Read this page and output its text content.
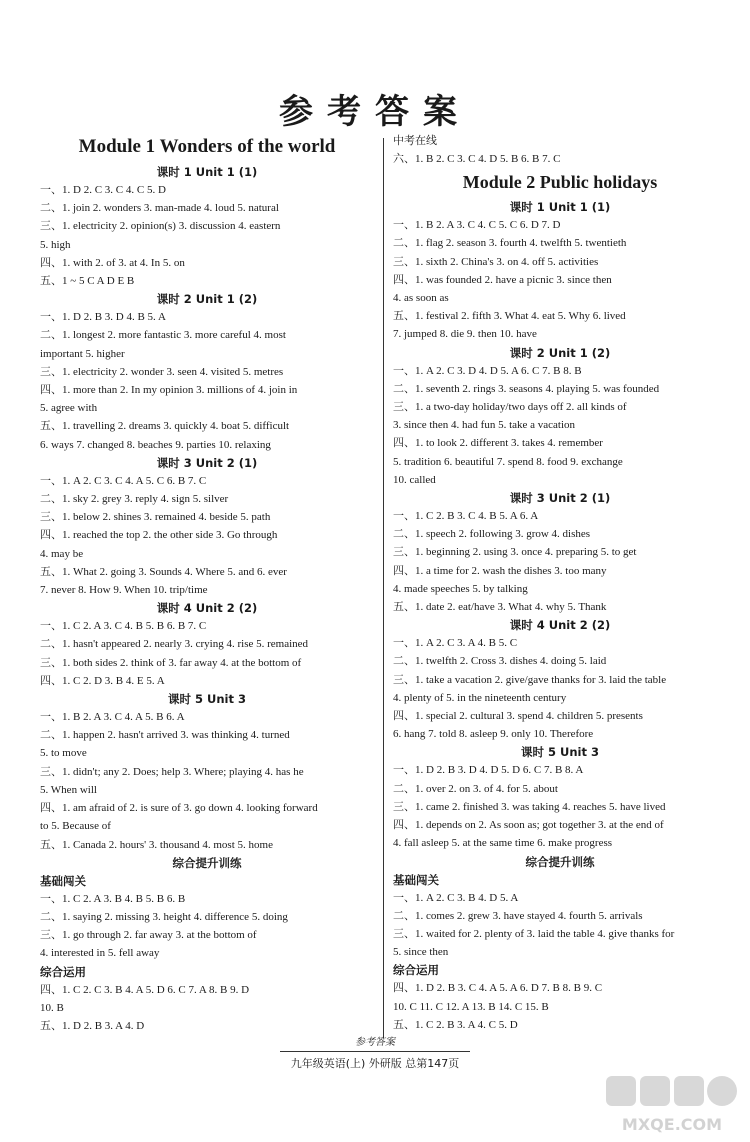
参考答案
Module 1 Wonders of the world
课时 1 Unit 1 (1)
一、1. D 2. C 3. C 4. C 5. D
二、1. join 2. wonders 3. man-made 4. loud 5. natural
三、1. electricity 2. opinion(s) 3. discussion 4. eastern
5. high
四、1. with 2. of 3. at 4. In 5. on
五、1 ~ 5 C A D E B
课时 2 Unit 1 (2)
一、1. D 2. B 3. D 4. B 5. A
二、1. longest 2. more fantastic 3. more careful 4. most
important 5. higher
三、1. electricity 2. wonder 3. seen 4. visited 5. metres
四、1. more than 2. In my opinion 3. millions of 4. join in
5. agree with
五、1. travelling 2. dreams 3. quickly 4. boat 5. difficult
6. ways 7. changed 8. beaches 9. parties 10. relaxing
课时 3 Unit 2 (1)
一、1. A 2. C 3. C 4. A 5. C 6. B 7. C
二、1. sky 2. grey 3. reply 4. sign 5. silver
三、1. below 2. shines 3. remained 4. beside 5. path
四、1. reached the top 2. the other side 3. Go through
4. may be
五、1. What 2. going 3. Sounds 4. Where 5. and 6. ever
7. never 8. How 9. When 10. trip/time
课时 4 Unit 2 (2)
一、1. C 2. A 3. C 4. B 5. B 6. B 7. C
二、1. hasn't appeared 2. nearly 3. crying 4. rise 5. remained
三、1. both sides 2. think of 3. far away 4. at the bottom of
四、1. C 2. D 3. B 4. E 5. A
课时 5 Unit 3
一、1. B 2. A 3. C 4. A 5. B 6. A
二、1. happen 2. hasn't arrived 3. was thinking 4. turned
5. to move
三、1. didn't; any 2. Does; help 3. Where; playing 4. has he
5. When will
四、1. am afraid of 2. is sure of 3. go down 4. looking forward
to 5. Because of
五、1. Canada 2. hours' 3. thousand 4. most 5. home
综合提升训练
基础闯关
一、1. C 2. A 3. B 4. B 5. B 6. B
二、1. saying 2. missing 3. height 4. difference 5. doing
三、1. go through 2. far away 3. at the bottom of
4. interested in 5. fell away
综合运用
四、1. C 2. C 3. B 4. A 5. D 6. C 7. A 8. B 9. D
10. B
五、1. D 2. B 3. A 4. D
中考在线
六、1. B 2. C 3. C 4. D 5. B 6. B 7. C
Module 2 Public holidays
课时 1 Unit 1 (1)
一、1. B 2. A 3. C 4. C 5. C 6. D 7. D
二、1. flag 2. season 3. fourth 4. twelfth 5. twentieth
三、1. sixth 2. China's 3. on 4. off 5. activities
四、1. was founded 2. have a picnic 3. since then
4. as soon as
五、1. festival 2. fifth 3. What 4. eat 5. Why 6. lived
7. jumped 8. die 9. then 10. have
课时 2 Unit 1 (2)
一、1. A 2. C 3. D 4. D 5. A 6. C 7. B 8. B
二、1. seventh 2. rings 3. seasons 4. playing 5. was founded
三、1. a two-day holiday/two days off 2. all kinds of
3. since then 4. had fun 5. take a vacation
四、1. to look 2. different 3. takes 4. remember
5. tradition 6. beautiful 7. spend 8. food 9. exchange
10. called
课时 3 Unit 2 (1)
一、1. C 2. B 3. C 4. B 5. A 6. A
二、1. speech 2. following 3. grow 4. dishes
三、1. beginning 2. using 3. once 4. preparing 5. to get
四、1. a time for 2. wash the dishes 3. too many
4. made speeches 5. by talking
五、1. date 2. eat/have 3. What 4. why 5. Thank
课时 4 Unit 2 (2)
一、1. A 2. C 3. A 4. B 5. C
二、1. twelfth 2. Cross 3. dishes 4. doing 5. laid
三、1. take a vacation 2. give/gave thanks for 3. laid the table
4. plenty of 5. in the nineteenth century
四、1. special 2. cultural 3. spend 4. children 5. presents
6. hang 7. told 8. asleep 9. only 10. Therefore
课时 5 Unit 3
一、1. D 2. B 3. D 4. D 5. D 6. C 7. B 8. A
二、1. over 2. on 3. of 4. for 5. about
三、1. came 2. finished 3. was taking 4. reaches 5. have lived
四、1. depends on 2. As soon as; got together 3. at the end of
4. fall asleep 5. at the same time 6. make progress
综合提升训练
基础闯关
一、1. A 2. C 3. B 4. D 5. A
二、1. comes 2. grew 3. have stayed 4. fourth 5. arrivals
三、1. waited for 2. plenty of 3. laid the table 4. give thanks for
5. since then
综合运用
四、1. D 2. B 3. C 4. A 5. A 6. D 7. B 8. B 9. C
10. C 11. C 12. A 13. B 14. C 15. B
五、1. C 2. B 3. A 4. C 5. D
参考答案
九年级英语(上) 外研版 总第147页
MXQE.COM
